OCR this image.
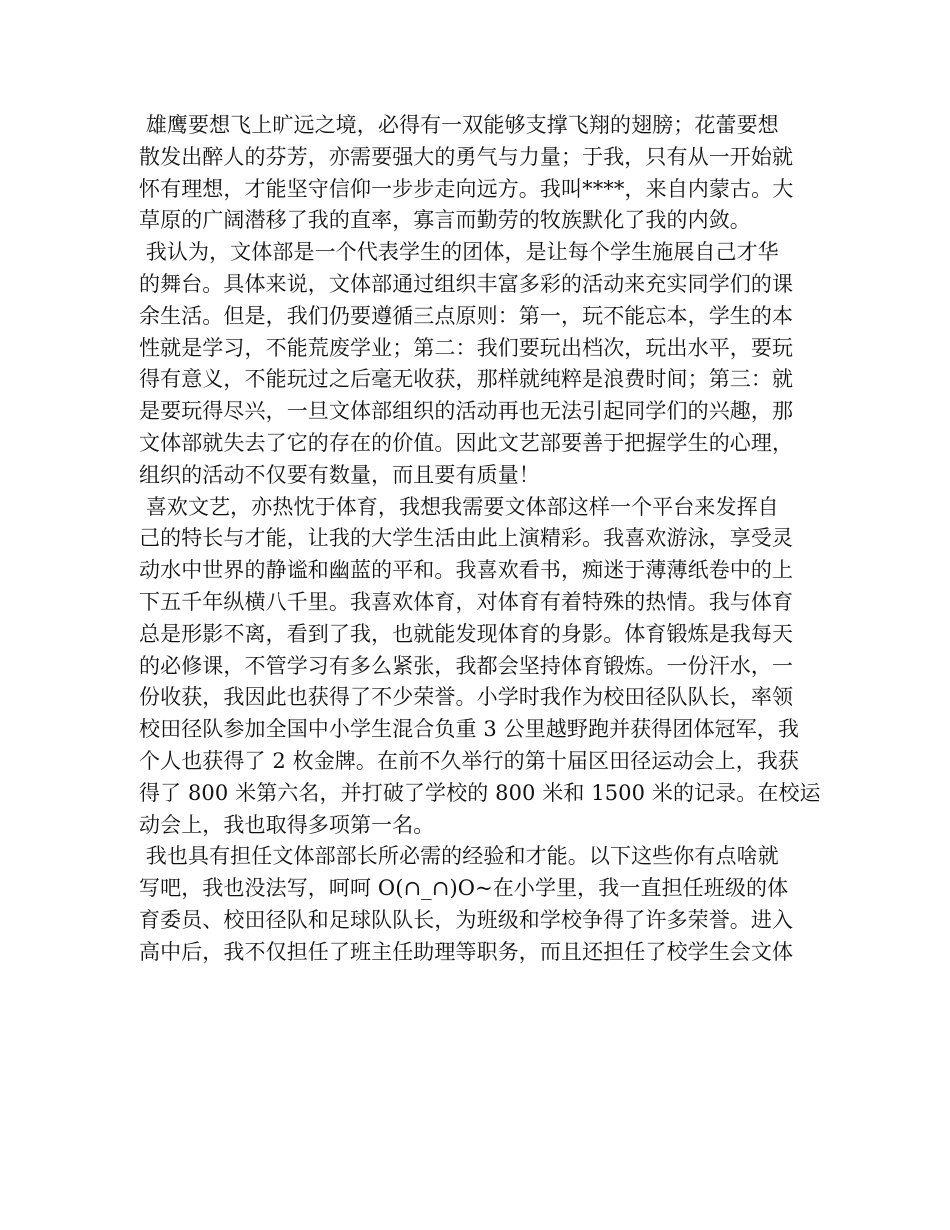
雄鹰要想飞上旷远之境，必得有一双能够支撑飞翔的翅膀；花蕾要想
散发出醉人的芬芳，亦需要强大的勇气与力量；于我，只有从一开始就
怀有理想，才能坚守信仰一步步走向远方。我叫****，来自内蒙古。大
草原的广阔潜移了我的直率，寡言而勤劳的牧族默化了我的内敛。
我认为，文体部是一个代表学生的团体，是让每个学生施展自己才华
的舞台。具体来说，文体部通过组织丰富多彩的活动来充实同学们的课
余生活。但是，我们仍要遵循三点原则：第一，玩不能忘本，学生的本
性就是学习，不能荒废学业；第二：我们要玩出档次，玩出水平，要玩
得有意义，不能玩过之后毫无收获，那样就纯粹是浪费时间；第三：就
是要玩得尽兴，一旦文体部组织的活动再也无法引起同学们的兴趣，那
文体部就失去了它的存在的价值。因此文艺部要善于把握学生的心理，
组织的活动不仅要有数量，而且要有质量！
喜欢文艺，亦热忱于体育，我想我需要文体部这样一个平台来发挥自
己的特长与才能，让我的大学生活由此上演精彩。我喜欢游泳，享受灵
动水中世界的静谧和幽蓝的平和。我喜欢看书，痴迷于薄薄纸卷中的上
下五千年纵横八千里。我喜欢体育，对体育有着特殊的热情。我与体育
总是形影不离，看到了我，也就能发现体育的身影。体育锻炼是我每天
的必修课，不管学习有多么紧张，我都会坚持体育锻炼。一份汗水，一
份收获，我因此也获得了不少荣誉。小学时我作为校田径队队长，率领
校田径队参加全国中小学生混合负重 3 公里越野跑并获得团体冠军，我
个人也获得了 2 枚金牌。在前不久举行的第十届区田径运动会上，我获
得了 800 米第六名，并打破了学校的 800 米和 1500 米的记录。在校运
动会上，我也取得多项第一名。
我也具有担任文体部部长所必需的经验和才能。以下这些你有点啥就
写吧，我也没法写，呵呵 O(∩_∩)O~在小学里，我一直担任班级的体
育委员、校田径队和足球队队长，为班级和学校争得了许多荣誉。进入
高中后，我不仅担任了班主任助理等职务，而且还担任了校学生会文体
